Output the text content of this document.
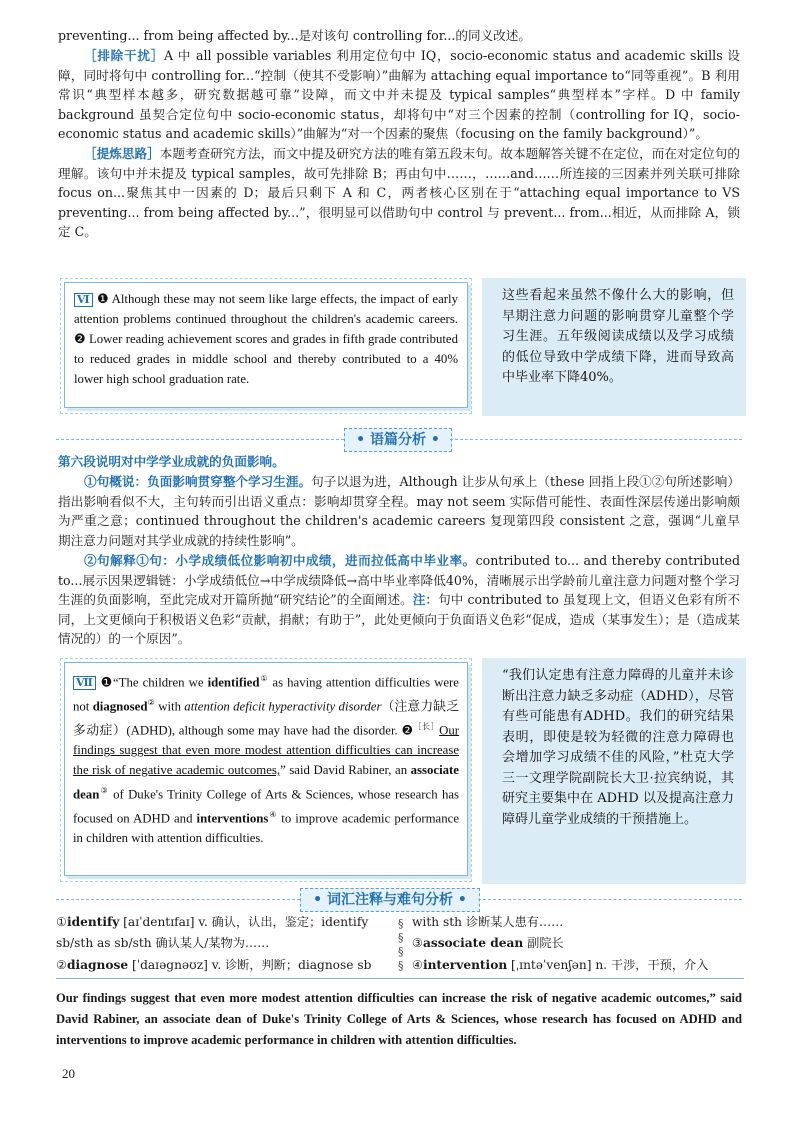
preventing... from being affected by...是对该句 controlling for...的同义改述。

［排除干扰］A 中 all possible variables 利用定位句中 IQ，socio-economic status and academic skills 设障，同时将句中 controlling for...“控制（使其不受影响）”曲解为 attaching equal importance to“同等重视”。B 利用常识“典型样本越多，研究数据越可靠”设障，而文中并未提及 typical samples“典型样本”字样。D 中 family background 虽契合定位句中 socio-economic status，却将句中“对三个因素的控制（controlling for IQ，socio-economic status and academic skills）”曲解为“对一个因素的聚焦（focusing on the family background）”。

［提炼思路］本题考查研究方法，而文中提及研究方法的唯有第五段末句。故本题解答关键不在定位，而在对定位句的理解。该句中并未提及 typical samples，故可先排除 B；再由句中……，……and……所连接的三因素并列关联可排除 focus on...聚焦其中一因素的 D；最后只剩下 A 和 C，两者核心区别在于“attaching equal importance to VS preventing... from being affected by...”，很明显可以借助句中 control 与 prevent... from...相近，从而排除 A，锁定 C。

Ⅵ ❶ Although these may not seem like large effects, the impact of early attention problems continued throughout the children's academic careers. ❷ Lower reading achievement scores and grades in fifth grade contributed to reduced grades in middle school and thereby contributed to a 40% lower high school graduation rate.
这些看起来虽然不像什么大的影响，但早期注意力问题的影响贯穿儿童整个学习生涯。五年级阅读成绩以及学习成绩的低位导致中学成绩下降，进而导致高中毕业率下降40%。
• 语篇分析 •

第六段说明对中学学业成就的负面影响。

①句概说：负面影响贯穿整个学习生涯。句子以退为进，Although 让步从句承上（these 回指上段①②句所述影响）指出影响看似不大，主句转而引出语义重点：影响却贯穿全程。may not seem 实际借可能性、表面性深层传递出影响颇为严重之意；continued throughout the children's academic careers 复现第四段 consistent 之意，强调“儿童早期注意力问题对其学业成就的持续性影响”。

②句解释①句：小学成绩低位影响初中成绩，进而拉低高中毕业率。contributed to... and thereby contributed to...展示因果逻辑链：小学成绩低位→中学成绩降低→高中毕业率降低40%，清晰展示出学龄前儿童注意力问题对整个学习生涯的负面影响，至此完成对开篇所抛“研究结论”的全面阐述。注：句中 contributed to 虽复现上文，但语义色彩有所不同，上文更倾向于积极语义色彩“贡献，捐献；有助于”，此处更倾向于负面语义色彩“促成，造成（某事发生）；是（造成某情况的）的一个原因”。

Ⅶ ❶“The children we identified① as having attention difficulties were not diagnosed② with attention deficit hyperactivity disorder（注意力缺乏多动症）(ADHD), although some may have had the disorder. ❷$^{[长]}$Our findings suggest that even more modest attention difficulties can increase the risk of negative academic outcomes,” said David Rabiner, an associate dean③ of Duke's Trinity College of Arts & Sciences, whose research has focused on ADHD and interventions④ to improve academic performance in children with attention difficulties.
“我们认定患有注意力障碍的儿童并未诊断出注意力缺乏多动症（ADHD），尽管有些可能患有ADHD。我们的研究结果表明，即使是较为轻微的注意力障碍也会增加学习成绩不佳的风险，”杜克大学三一文理学院副院长大卫·拉宾纳说，其研究主要集中在 ADHD 以及提高注意力障碍儿童学业成绩的干预措施上。
• 词汇注释与难句分析 •
①identify [aɪˈdentɪfaɪ] v. 确认，认出，鉴定；identify sb/sth as sb/sth 确认某人/某物为……
②diagnose [ˈdaɪəgnəʊz] v. 诊断，判断；diagnose sb
§
§
§
§
with sth 诊断某人患有……
③associate dean 副院长
④intervention [ˌɪntəˈvenʃən] n. 干涉，干预，介入
Our findings suggest that even more modest attention difficulties can increase the risk of negative academic outcomes,” said David Rabiner, an associate dean of Duke's Trinity College of Arts & Sciences, whose research has focused on ADHD and interventions to improve academic performance in children with attention difficulties.
20
